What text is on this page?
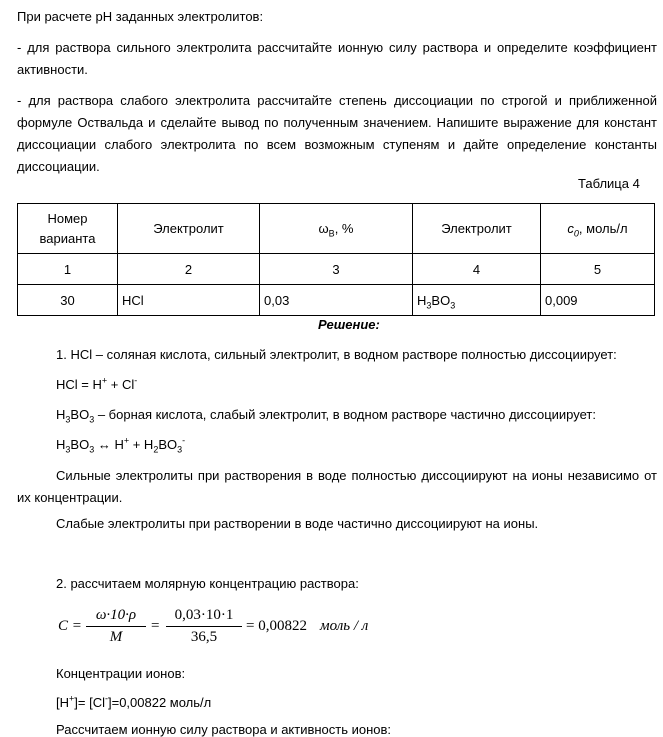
При расчете pH заданных электролитов:
- для раствора сильного электролита рассчитайте ионную силу раствора и определите коэффициент активности.
- для раствора слабого электролита рассчитайте степень диссоциации по строгой и приближенной формуле Оствальда и сделайте вывод по полученным значением. Напишите выражение для констант диссоциации слабого электролита по всем возможным ступеням и дайте определение константы диссоциации.
Таблица 4
Номер варианта	Электролит	$\omega_B$, %	Электролит	$c_0$, моль/л
1	2	3	4	5
30	HCl	0,03	$H_3BO_3$	0,009
Решение:
1. HCl – соляная кислота, сильный электролит, в водном растворе полностью диссоциирует:
HCl = H+ + Cl-
$H_3BO_3$ – борная кислота, слабый электролит, в водном растворе частично диссоциирует:
$H_3BO_3$ ↔ $H^+ + H_2BO_3^-$
Сильные электролиты при растворения в воде полностью диссоциируют на ионы независимо от их концентрации.
Слабые электролиты при растворении в воде частично диссоциируют на ионы.
2. рассчитаем молярную концентрацию раствора:
C =
ω·10·ρ
M
=
0,03·10·1
36,5
= 0,00822 моль / л
Концентрации ионов:
[H+]= [Cl-]=0,00822 моль/л
Рассчитаем ионную силу раствора и активность ионов:
